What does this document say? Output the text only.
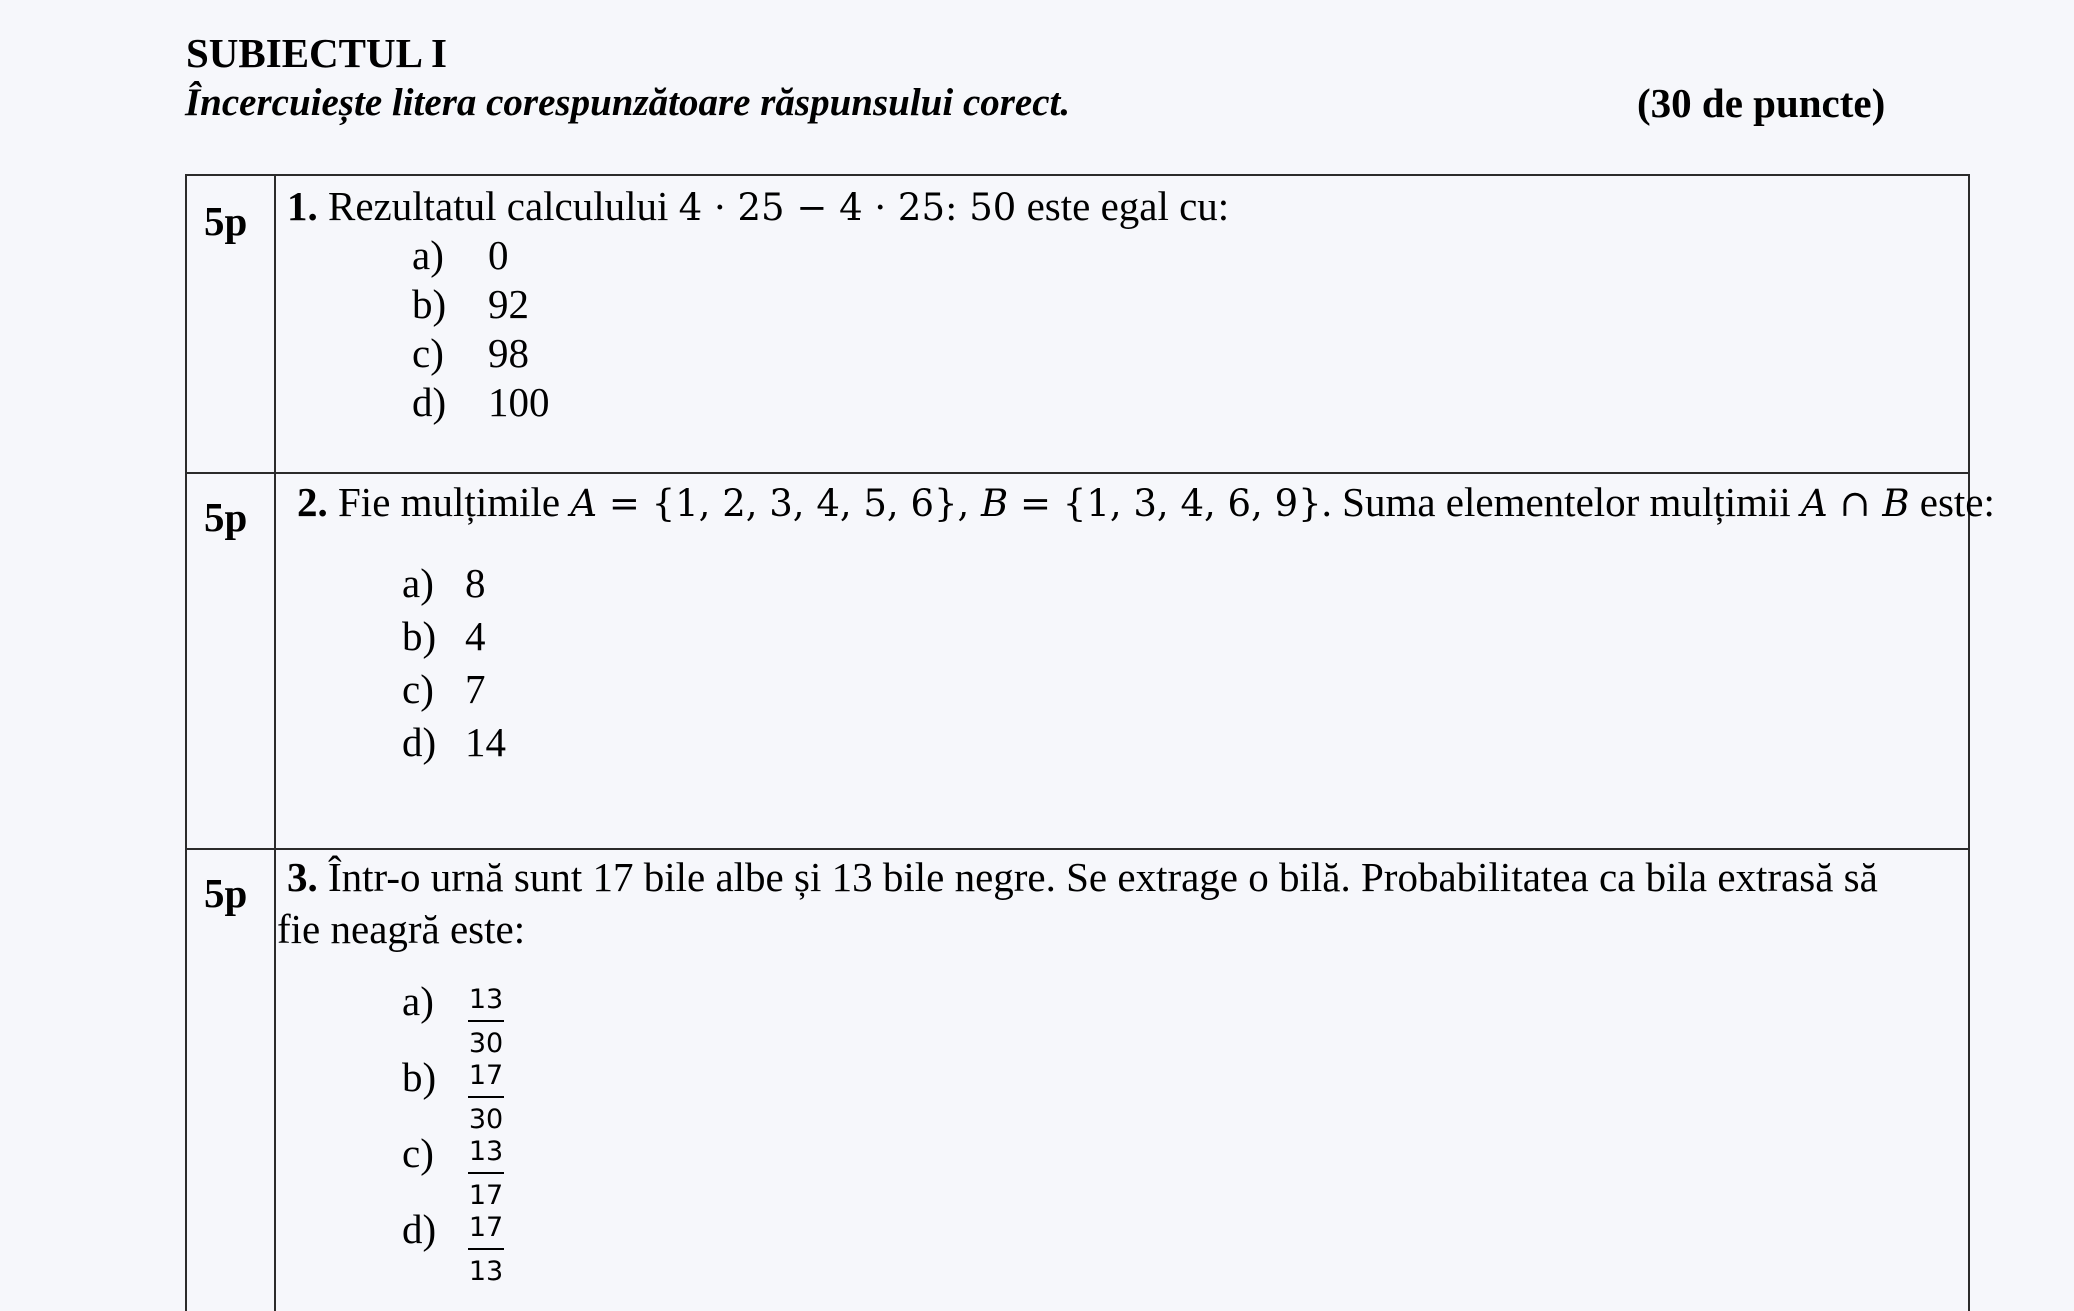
SUBIECTUL I
Încercuiește litera corespunzătoare răspunsului corect.	(30 de puncte)
5p 1. Rezultatul calculului 4 · 25 − 4 · 25: 50 este egal cu:
a) 0
b) 92
c) 98
d) 100
5p 2. Fie mulțimile A = {1, 2, 3, 4, 5, 6}, B = {1, 3, 4, 6, 9}. Suma elementelor mulțimii A ∩ B este:
a) 8
b) 4
c) 7
d) 14
5p 3. Într-o urnă sunt 17 bile albe și 13 bile negre. Se extrage o bilă. Probabilitatea ca bila extrasă să
fie neagră este:
a)	13
30
b)	17
30
c)	13
17
d)	17
13
